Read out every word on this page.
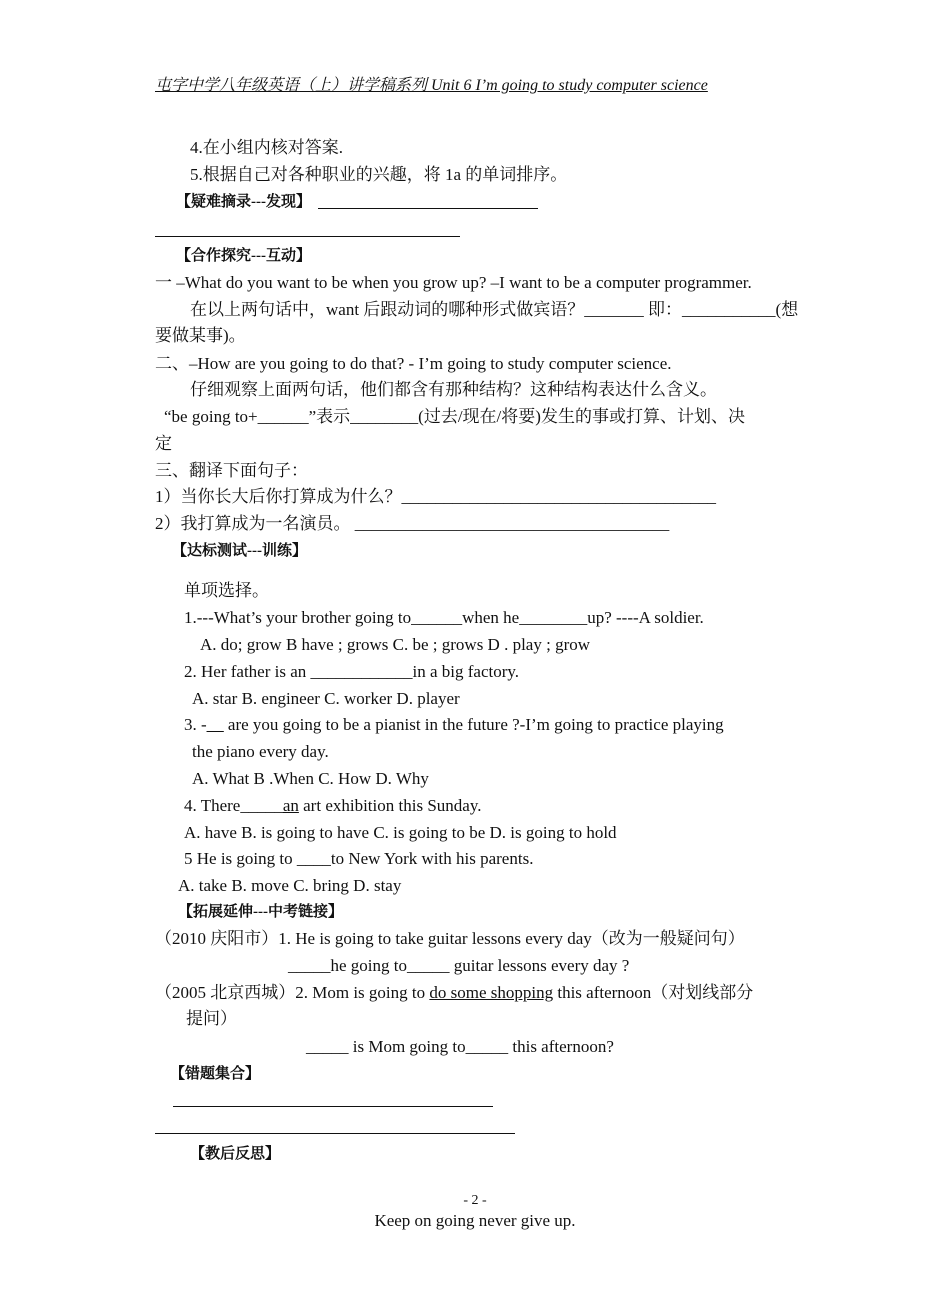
屯字中学八年级英语（上）讲学稿系列 Unit 6 I’m going to study computer science
4.在小组内核对答案.
5.根据自己对各种职业的兴趣，将 1a 的单词排序。
【疑难摘录---发现】
【合作探究---互动】
一 –What do you want to be when you grow up? –I want to be a computer programmer.
在以上两句话中，want 后跟动词的哪种形式做宾语？_______ 即：___________(想
要做某事)。
二、–How are you going to do that? - I’m going to study computer science.
仔细观察上面两句话，他们都含有那种结构？这种结构表达什么含义。
“be going to+______”表示________(过去/现在/将要)发生的事或打算、计划、决
定
三、翻译下面句子：
1）当你长大后你打算成为什么？_____________________________________
2）我打算成为一名演员。 _____________________________________
【达标测试---训练】
单项选择。
1.---What’s your brother going to______when he________up? ----A soldier.
A. do; grow B have ; grows C. be ; grows D . play ; grow
2. Her father is an ____________in a big factory.
A. star B. engineer C. worker D. player
3. -__ are you going to be a pianist in the future ?-I’m going to practice playing
the piano every day.
A. What B .When C. How D. Why
4. There_____an art exhibition this Sunday.
A. have B. is going to have C. is going to be D. is going to hold
5 He is going to ____to New York with his parents.
A. take B. move C. bring D. stay
【拓展延伸---中考链接】
（2010 庆阳市）1. He is going to take guitar lessons every day（改为一般疑问句）
_____he going to_____ guitar lessons every day ?
（2005 北京西城）2. Mom is going to do some shopping this afternoon（对划线部分
提问）
_____ is Mom going to_____ this afternoon?
【错题集合】
【教后反思】
- 2 -
Keep on going never give up.
